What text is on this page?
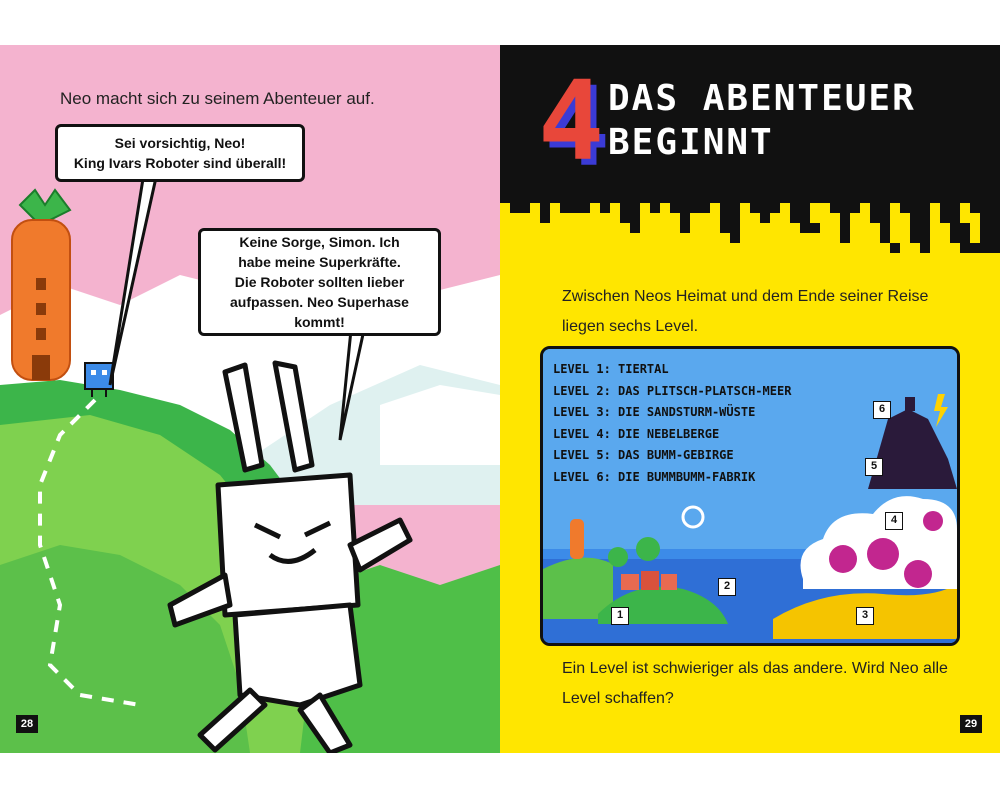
Neo macht sich zu seinem Abenteuer auf.
Sei vorsichtig, Neo!
King Ivars Roboter sind überall!
Keine Sorge, Simon. Ich
habe meine Superkräfte.
Die Roboter sollten lieber
aufpassen. Neo Superhase
kommt!
28
4 DAS ABENTEUER
BEGINNT
Zwischen Neos Heimat und dem Ende seiner Reise liegen sechs Level.
LEVEL 1: TIERTAL
LEVEL 2: DAS PLITSCH-PLATSCH-MEER
LEVEL 3: DIE SANDSTURM-WÜSTE
LEVEL 4: DIE NEBELBERGE
LEVEL 5: DAS BUMM-GEBIRGE
LEVEL 6: DIE BUMMBUMM-FABRIK
1
2
3
4
5
6
Ein Level ist schwieriger als das andere. Wird Neo alle Level schaffen?
29
